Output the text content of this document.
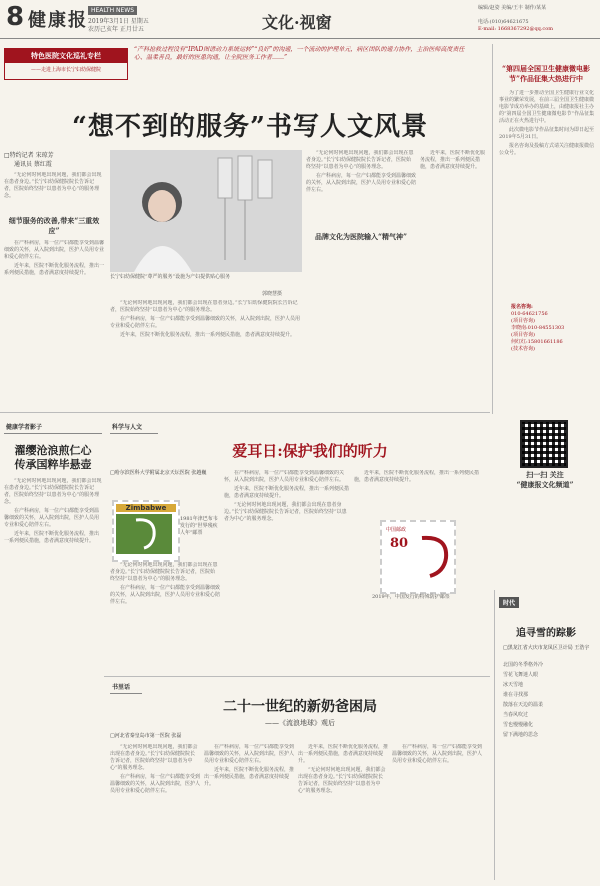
8 健康报 HEALTH NEWS
2019年3月1日 星期五
农历己亥年 正月廿五	文化·视窗
编辑/赵姿 美编/王丰 制作/某某
电话:(010)64621675
E-mail: 1668367292@qq.com
特色医院文化巡礼专栏
——走进上海市长宁妇幼保健院
“产科抢救过程没有“IPAD图谱动力系统运转”“良好”的沟通，一个流动的护理单元，病区团队的通力协作，主治医师高度责任心、温柔善良，最好的医患沟通，让全院医务工作者……”
“想不到的服务”书写人文风景
□特约记者 宋琼芳
通讯员 蔡红霞

“无论何时何地出现问题，我们都会出现在患者身边。”长宁妇幼保健院院长告诉记者，医院始终坚持“以患者为中心”的服务理念。

细节服务的改善,带来“三重效应”

在产科病房，每一位产妇都能享受到温馨细致的关怀，从入院到出院，医护人员用专业和爱心陪伴左右。

近年来，医院不断优化服务流程，推出一系列便民措施，患者满意度持续提升。

长宁妇幼保健院“尊严的服务”设施为产妇提供贴心服务
郭晓慧摄

“无论何时何地出现问题，我们都会出现在患者身边。”长宁妇幼保健院院长告诉记者，医院始终坚持“以患者为中心”的服务理念。

在产科病房，每一位产妇都能享受到温馨细致的关怀，从入院到出院，医护人员用专业和爱心陪伴左右。

品牌文化为医院输入“精气神”

近年来，医院不断优化服务流程，推出一系列便民措施，患者满意度持续提升。

“无论何时何地出现问题，我们都会出现在患者身边。”长宁妇幼保健院院长告诉记者，医院始终坚持“以患者为中心”的服务理念。

在产科病房，每一位产妇都能享受到温馨细致的关怀，从入院到出院，医护人员用专业和爱心陪伴左右。

近年来，医院不断优化服务流程，推出一系列便民措施，患者满意度持续提升。

“第四届全国卫生健康微电影节”作品征集大热进行中

为了进一步推动全国卫生健康行业文化事业的繁荣发展，在前三届全国卫生健康微电影节成功举办的基础上，由健康报社主办的“第四届全国卫生健康微电影节”作品征集活动正在火热进行中。

此次微电影节作品征集时间为即日起至2019年5月31日。

报名咨询及投稿方式请关注健康报微信公众号。

报名咨询:
010-64621756
(项目咨询)
李晓南:010-84551303
(项目咨询)
何红红:15801661186
(技术咨询)
扫一扫 关注
“健康报文化频道”
健康学者影子
濯缨沧浪煎仁心
传承国粹毕悬壶

“无论何时何地出现问题，我们都会出现在患者身边。”长宁妇幼保健院院长告诉记者，医院始终坚持“以患者为中心”的服务理念。

在产科病房，每一位产妇都能享受到温馨细致的关怀，从入院到出院，医护人员用专业和爱心陪伴左右。

近年来，医院不断优化服务流程，推出一系列便民措施，患者满意度持续提升。

科学与人文
爱耳日:保护我们的听力
□哈尔滨医科大学附属北京天坛医院 张越巍
Zimbabwe
1981年津巴布韦发行的“世界残疾人年”邮票

“无论何时何地出现问题，我们都会出现在患者身边。”长宁妇幼保健院院长告诉记者，医院始终坚持“以患者为中心”的服务理念。

在产科病房，每一位产妇都能享受到温馨细致的关怀，从入院到出院，医护人员用专业和爱心陪伴左右。

在产科病房，每一位产妇都能享受到温馨细致的关怀，从入院到出院，医护人员用专业和爱心陪伴左右。

近年来，医院不断优化服务流程，推出一系列便民措施，患者满意度持续提升。

“无论何时何地出现问题，我们都会出现在患者身边。”长宁妇幼保健院院长告诉记者，医院始终坚持“以患者为中心”的服务理念。

中国邮政
80
2019年，中国发行的特殊防护邮票

近年来，医院不断优化服务流程，推出一系列便民措施，患者满意度持续提升。

书里话
二十一世纪的新奶爸困局
——《流浪地球》观后
□河北省秦皇岛市第一医院 张磊

“无论何时何地出现问题，我们都会出现在患者身边。”长宁妇幼保健院院长告诉记者，医院始终坚持“以患者为中心”的服务理念。

在产科病房，每一位产妇都能享受到温馨细致的关怀，从入院到出院，医护人员用专业和爱心陪伴左右。

在产科病房，每一位产妇都能享受到温馨细致的关怀，从入院到出院，医护人员用专业和爱心陪伴左右。

近年来，医院不断优化服务流程，推出一系列便民措施，患者满意度持续提升。

近年来，医院不断优化服务流程，推出一系列便民措施，患者满意度持续提升。

“无论何时何地出现问题，我们都会出现在患者身边。”长宁妇幼保健院院长告诉记者，医院始终坚持“以患者为中心”的服务理念。

在产科病房，每一位产妇都能享受到温馨细致的关怀，从入院到出院，医护人员用专业和爱心陪伴左右。

时代
追寻雪的踪影
□黑龙江省大庆市龙凤区卫计局 王浩宇
北国的冬季格外冷
雪花飞舞迷人眼
冰天雪地
谁在寻找那
散落在天边的温柔
当春风吹过
雪也慢慢融化
留下满地的思念
